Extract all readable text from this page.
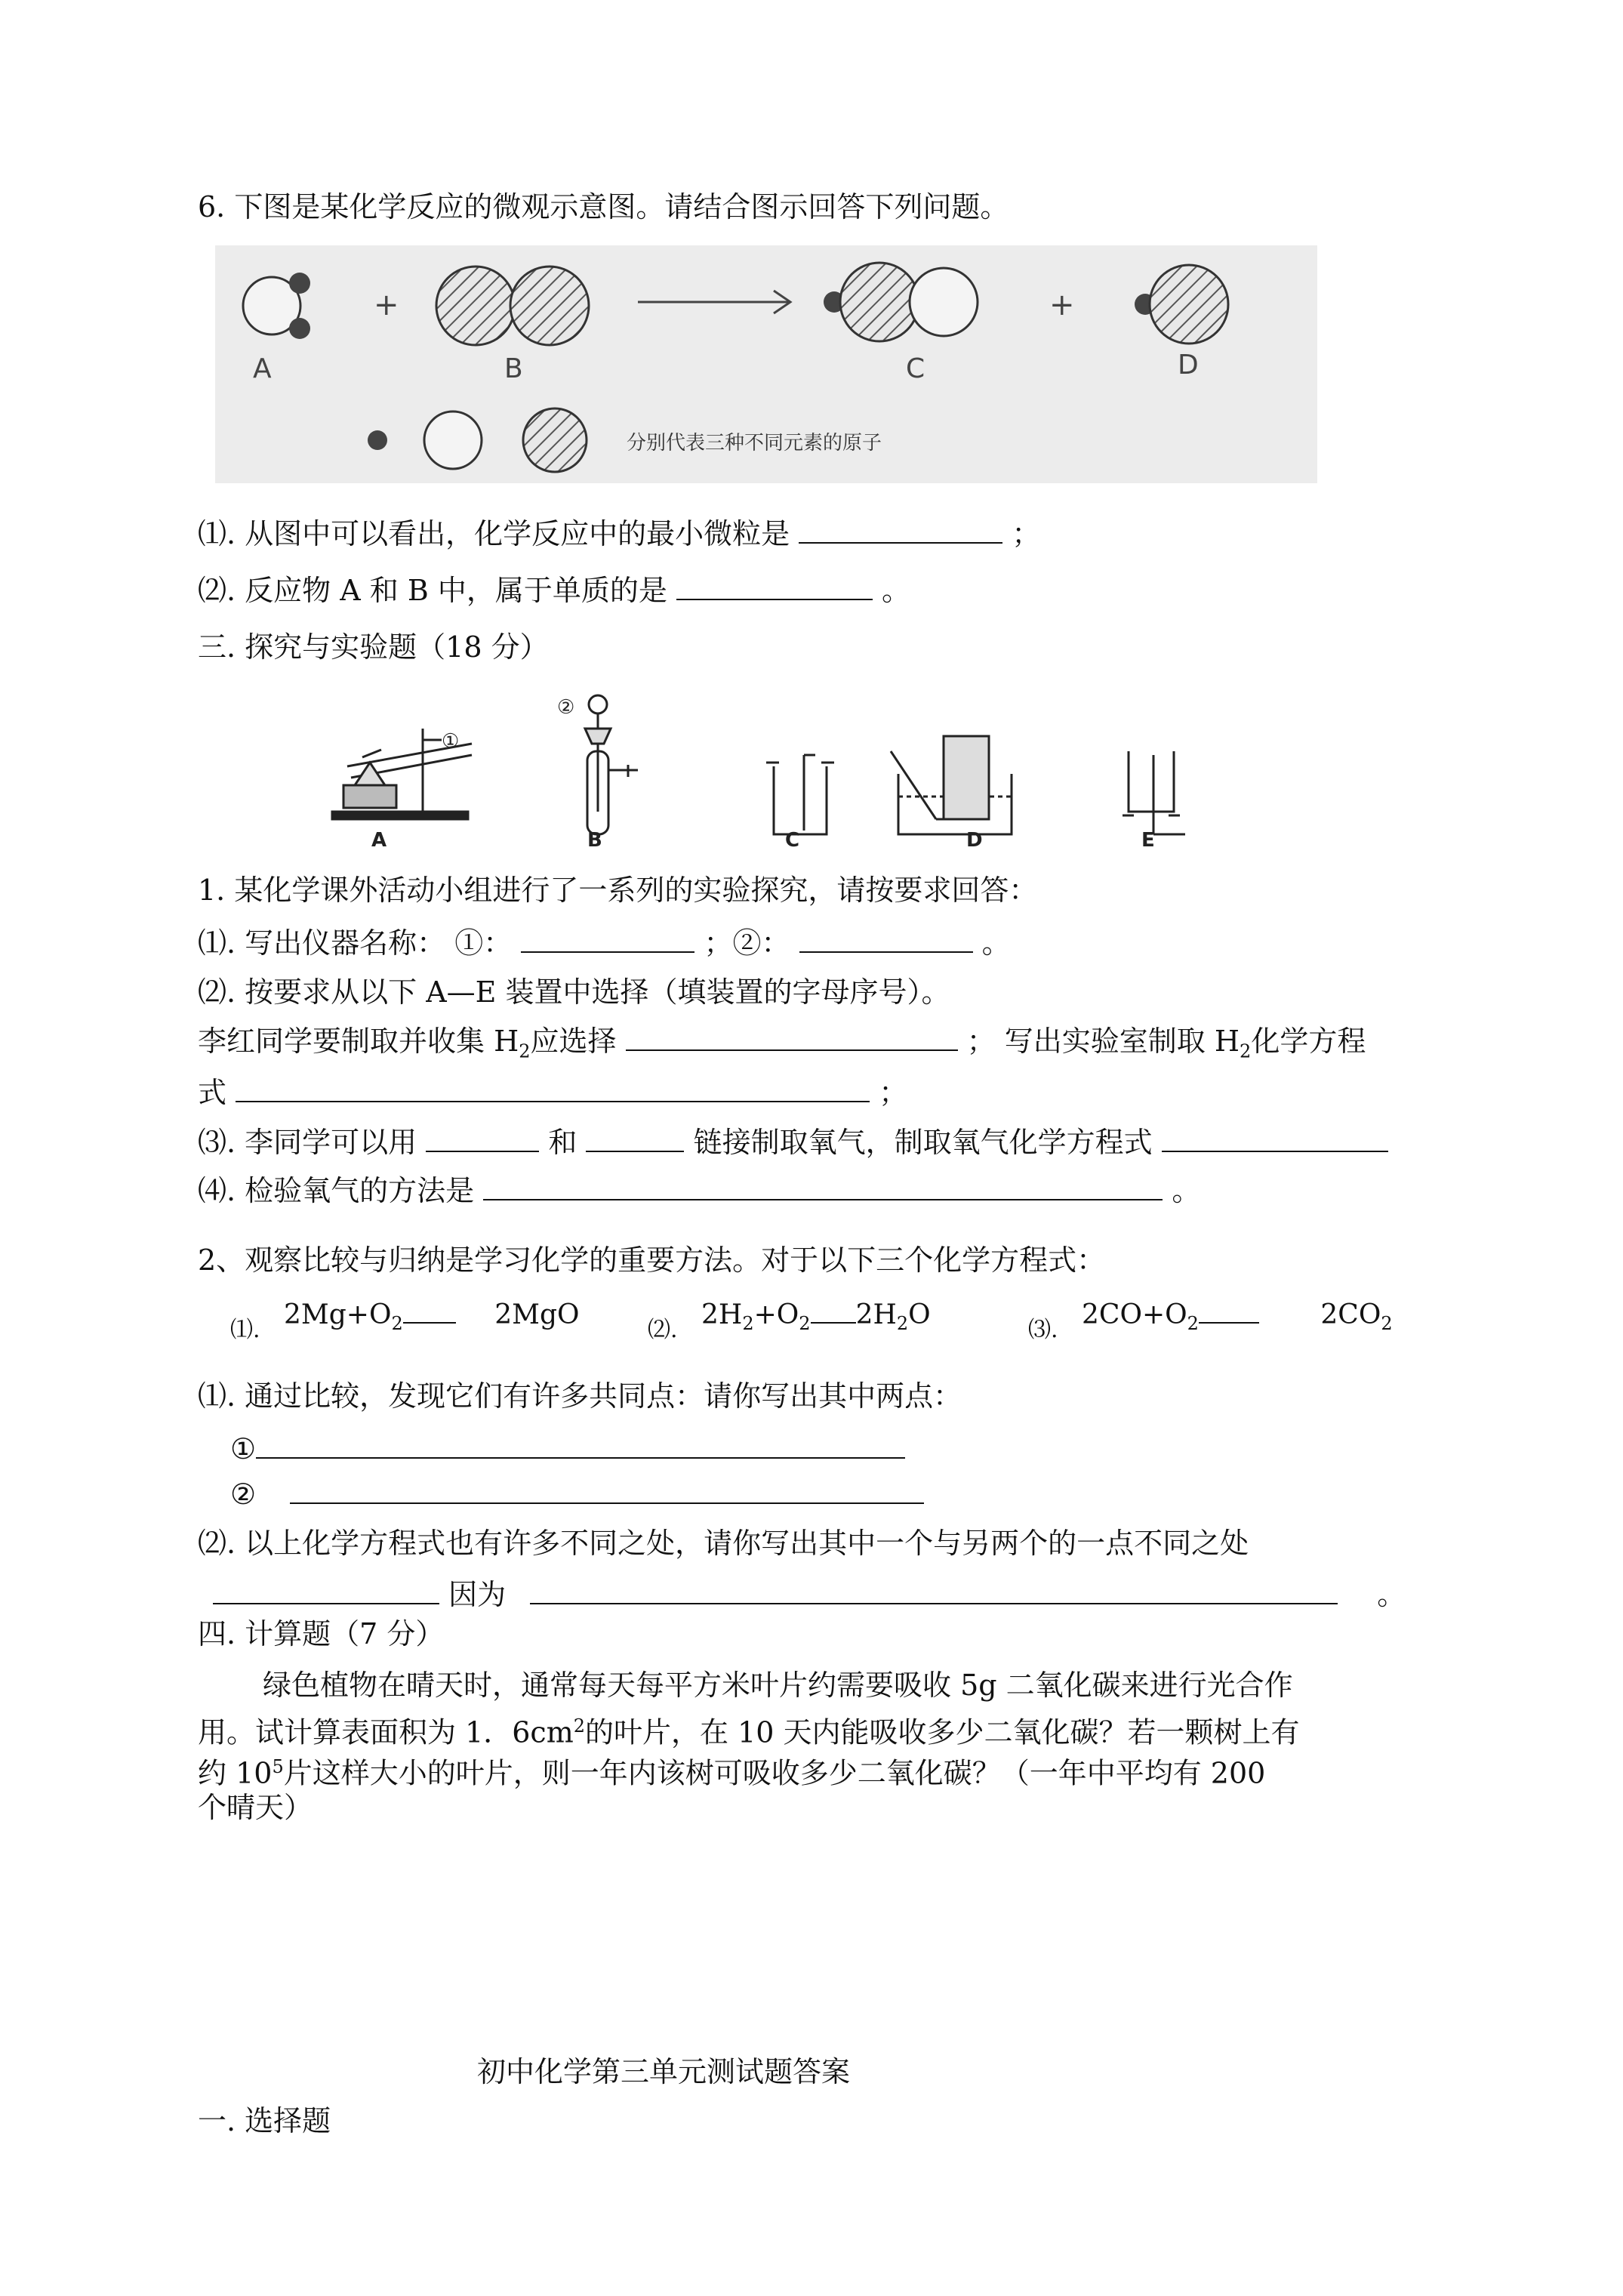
6. 下图是某化学反应的微观示意图。请结合图示回答下列问题。
A
+
B	C
+
D
分别代表三种不同元素的原子
⑴. 从图中可以看出，化学反应中的最小微粒是	；
⑵. 反应物 A 和 B 中，属于单质的是	。
三. 探究与实验题（18 分）
①
②
A	B	C	D	E
1. 某化学课外活动小组进行了一系列的实验探究，请按要求回答：
⑴. 写出仪器名称： ①：	；②：	。
⑵. 按要求从以下 A—E 装置中选择（填装置的字母序号）。
李红同学要制取并收集 $H_2$应选择	； 写出实验室制取 $H_2$化学方程
式	；
⑶. 李同学可以用	和	链接制取氧气，制取氧气化学方程式
⑷. 检验氧气的方法是	。
2、观察比较与归纳是学习化学的重要方法。对于以下三个化学方程式：
⑴. $2Mg+O_2$	2MgO	⑵. $2H_2+O_2$ $2H_2O$	⑶. $2CO+O_2$	$2CO_2$
⑴. 通过比较，发现它们有许多共同点：请你写出其中两点：
①
②
⑵. 以上化学方程式也有许多不同之处，请你写出其中一个与另两个的一点不同之处
因为	。
四. 计算题（7 分）
绿色植物在晴天时，通常每天每平方米叶片约需要吸收 5g 二氧化碳来进行光合作
用。试计算表面积为 1．$6cm^2$的叶片，在 10 天内能吸收多少二氧化碳？若一颗树上有
约 $10^5$片这样大小的叶片，则一年内该树可吸收多少二氧化碳？（一年中平均有 200
个晴天）
初中化学第三单元测试题答案
一. 选择题
